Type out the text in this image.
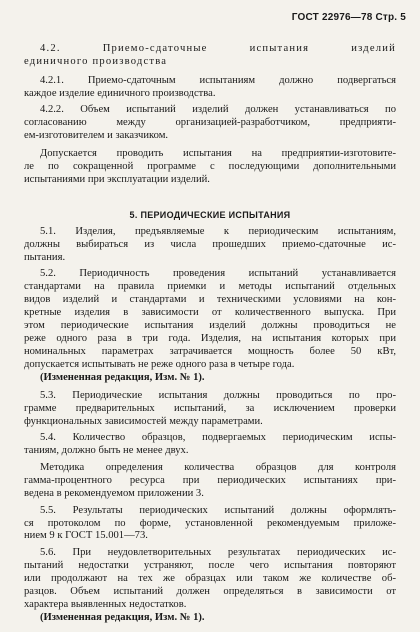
ГОСТ 22976—78 Стр. 5
4.2. Приемо-сдаточные испытания изделий
единичного производства
4.2.1. Приемо-сдаточным испытаниям должно подвергаться
каждое изделие единичного производства.
4.2.2. Объем испытаний изделий должен устанавливаться по
согласованию между организацией-разработчиком, предприяти-
ем-изготовителем и заказчиком.
Допускается проводить испытания на предприятии-изготовите-
ле по сокращенной программе с последующими дополнительными
испытаниями при эксплуатации изделий.
5. ПЕРИОДИЧЕСКИЕ ИСПЫТАНИЯ
5.1. Изделия, предъявляемые к периодическим испытаниям,
должны выбираться из числа прошедших приемо-сдаточные ис-
пытания.
5.2. Периодичность проведения испытаний устанавливается
стандартами на правила приемки и методы испытаний отдельных
видов изделий и стандартами и техническими условиями на кон-
кретные изделия в зависимости от количественного выпуска. При
этом периодические испытания изделий должны проводиться не
реже одного раза в три года. Изделия, на испытания которых при
номинальных параметрах затрачивается мощность более 50 кВт,
допускается испытывать не реже одного раза в четыре года.
(Измененная редакция, Изм. № 1).
5.3. Периодические испытания должны проводиться по про-
грамме предварительных испытаний, за исключением проверки
функциональных зависимостей между параметрами.
5.4. Количество образцов, подвергаемых периодическим испы-
таниям, должно быть не менее двух.
Методика определения количества образцов для контроля
гамма-процентного ресурса при периодических испытаниях при-
ведена в рекомендуемом приложении 3.
5.5. Результаты периодических испытаний должны оформлять-
ся протоколом по форме, установленной рекомендуемым приложе-
нием 9 к ГОСТ 15.001—73.
5.6. При неудовлетворительных результатах периодических ис-
пытаний недостатки устраняют, после чего испытания повторяют
или продолжают на тех же образцах или таком же количестве об-
разцов. Объем испытаний должен определяться в зависимости от
характера выявленных недостатков.
(Измененная редакция, Изм. № 1).
